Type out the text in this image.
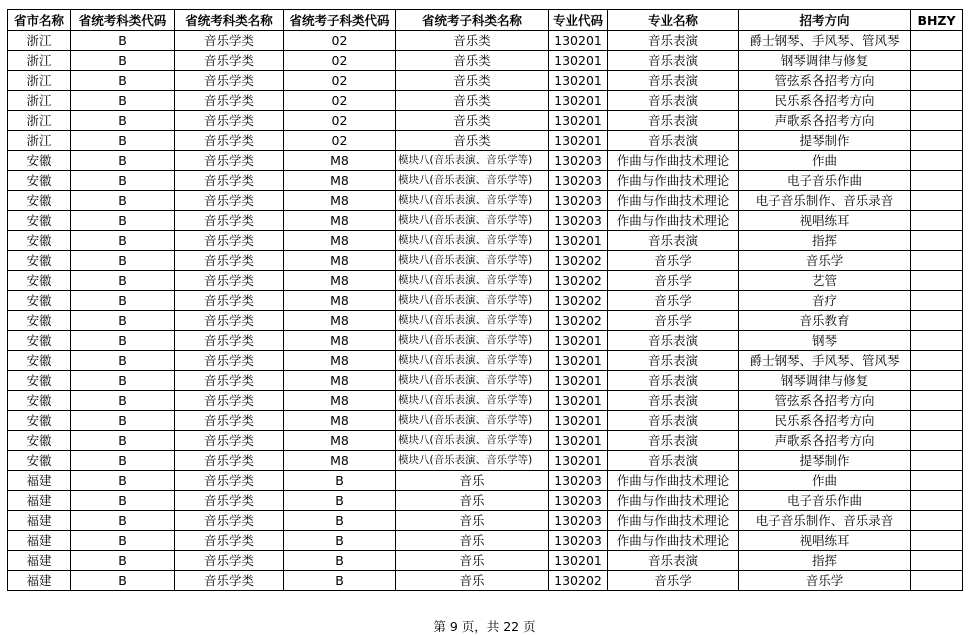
省市名称	省统考科类代码	省统考科类名称	省统考子科类代码	省统考子科类名称	专业代码	专业名称	招考方向	BHZY
浙江	B	音乐学类	02	音乐类	130201	音乐表演	爵士钢琴、手风琴、管风琴	
浙江	B	音乐学类	02	音乐类	130201	音乐表演	钢琴调律与修复	
浙江	B	音乐学类	02	音乐类	130201	音乐表演	管弦系各招考方向	
浙江	B	音乐学类	02	音乐类	130201	音乐表演	民乐系各招考方向	
浙江	B	音乐学类	02	音乐类	130201	音乐表演	声歌系各招考方向	
浙江	B	音乐学类	02	音乐类	130201	音乐表演	提琴制作	
安徽	B	音乐学类	M8	模块八(音乐表演、音乐学等)	130203	作曲与作曲技术理论	作曲	
安徽	B	音乐学类	M8	模块八(音乐表演、音乐学等)	130203	作曲与作曲技术理论	电子音乐作曲	
安徽	B	音乐学类	M8	模块八(音乐表演、音乐学等)	130203	作曲与作曲技术理论	电子音乐制作、音乐录音	
安徽	B	音乐学类	M8	模块八(音乐表演、音乐学等)	130203	作曲与作曲技术理论	视唱练耳	
安徽	B	音乐学类	M8	模块八(音乐表演、音乐学等)	130201	音乐表演	指挥	
安徽	B	音乐学类	M8	模块八(音乐表演、音乐学等)	130202	音乐学	音乐学	
安徽	B	音乐学类	M8	模块八(音乐表演、音乐学等)	130202	音乐学	艺管	
安徽	B	音乐学类	M8	模块八(音乐表演、音乐学等)	130202	音乐学	音疗	
安徽	B	音乐学类	M8	模块八(音乐表演、音乐学等)	130202	音乐学	音乐教育	
安徽	B	音乐学类	M8	模块八(音乐表演、音乐学等)	130201	音乐表演	钢琴	
安徽	B	音乐学类	M8	模块八(音乐表演、音乐学等)	130201	音乐表演	爵士钢琴、手风琴、管风琴	
安徽	B	音乐学类	M8	模块八(音乐表演、音乐学等)	130201	音乐表演	钢琴调律与修复	
安徽	B	音乐学类	M8	模块八(音乐表演、音乐学等)	130201	音乐表演	管弦系各招考方向	
安徽	B	音乐学类	M8	模块八(音乐表演、音乐学等)	130201	音乐表演	民乐系各招考方向	
安徽	B	音乐学类	M8	模块八(音乐表演、音乐学等)	130201	音乐表演	声歌系各招考方向	
安徽	B	音乐学类	M8	模块八(音乐表演、音乐学等)	130201	音乐表演	提琴制作	
福建	B	音乐学类	B	音乐	130203	作曲与作曲技术理论	作曲	
福建	B	音乐学类	B	音乐	130203	作曲与作曲技术理论	电子音乐作曲	
福建	B	音乐学类	B	音乐	130203	作曲与作曲技术理论	电子音乐制作、音乐录音	
福建	B	音乐学类	B	音乐	130203	作曲与作曲技术理论	视唱练耳	
福建	B	音乐学类	B	音乐	130201	音乐表演	指挥	
福建	B	音乐学类	B	音乐	130202	音乐学	音乐学	
第 9 页，共 22 页
